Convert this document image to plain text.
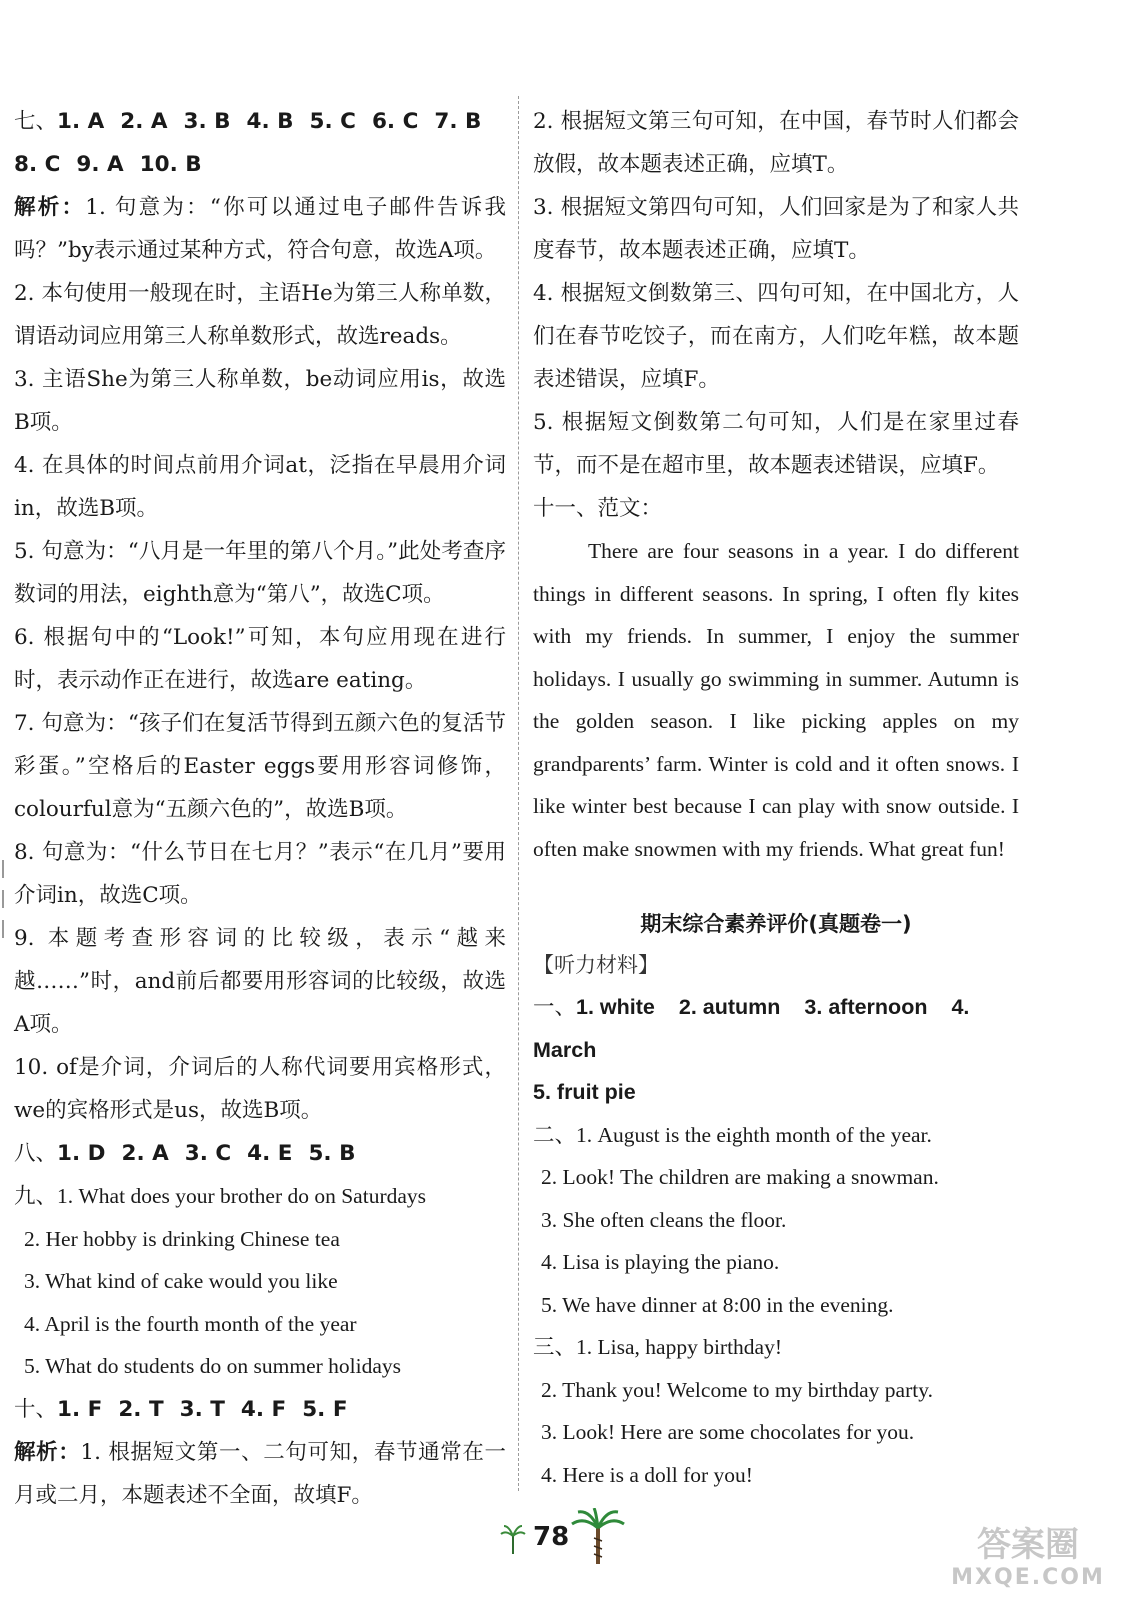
七、1. A 2. A 3. B 4. B 5. C 6. C 7. B

8. C 9. A 10. B

解析：1. 句意为：“你可以通过电子邮件告诉我吗？”by表示通过某种方式，符合句意，故选A项。

2. 本句使用一般现在时，主语He为第三人称单数，谓语动词应用第三人称单数形式，故选reads。

3. 主语She为第三人称单数，be动词应用is，故选B项。

4. 在具体的时间点前用介词at，泛指在早晨用介词in，故选B项。

5. 句意为：“八月是一年里的第八个月。”此处考查序数词的用法，eighth意为“第八”，故选C项。

6. 根据句中的“Look!”可知，本句应用现在进行时，表示动作正在进行，故选are eating。

7. 句意为：“孩子们在复活节得到五颜六色的复活节彩蛋。”空格后的Easter eggs要用形容词修饰，colourful意为“五颜六色的”，故选B项。

8. 句意为：“什么节日在七月？”表示“在几月”要用介词in，故选C项。

9. 本题考查形容词的比较级，表示“越来越……”时，and前后都要用形容词的比较级，故选A项。

10. of是介词，介词后的人称代词要用宾格形式，we的宾格形式是us，故选B项。

八、1. D 2. A 3. C 4. E 5. B

九、1. What does your brother do on Saturdays

2. Her hobby is drinking Chinese tea

3. What kind of cake would you like

4. April is the fourth month of the year

5. What do students do on summer holidays

十、1. F 2. T 3. T 4. F 5. F

解析：1. 根据短文第一、二句可知，春节通常在一月或二月，本题表述不全面，故填F。

2. 根据短文第三句可知，在中国，春节时人们都会放假，故本题表述正确，应填T。

3. 根据短文第四句可知，人们回家是为了和家人共度春节，故本题表述正确，应填T。

4. 根据短文倒数第三、四句可知，在中国北方，人们在春节吃饺子，而在南方，人们吃年糕，故本题表述错误，应填F。

5. 根据短文倒数第二句可知，人们是在家里过春节，而不是在超市里，故本题表述错误，应填F。

十一、范文：

There are four seasons in a year. I do different things in different seasons. In spring, I often fly kites with my friends. In summer, I enjoy the summer holidays. I usually go swimming in summer. Autumn is the golden season. I like picking apples on my grandparents’ farm. Winter is cold and it often snows. I like winter best because I can play with snow outside. I often make snowmen with my friends. What great fun!

期末综合素养评价(真题卷一)

【听力材料】

一、1. white 2. autumn 3. afternoon 4. March

5. fruit pie

二、1. August is the eighth month of the year.

2. Look! The children are making a snowman.

3. She often cleans the floor.

4. Lisa is playing the piano.

5. We have dinner at 8:00 in the evening.

三、1. Lisa, happy birthday!

2. Thank you! Welcome to my birthday party.

3. Look! Here are some chocolates for you.

4. Here is a doll for you!

78	答案圈
MXQE.COM
